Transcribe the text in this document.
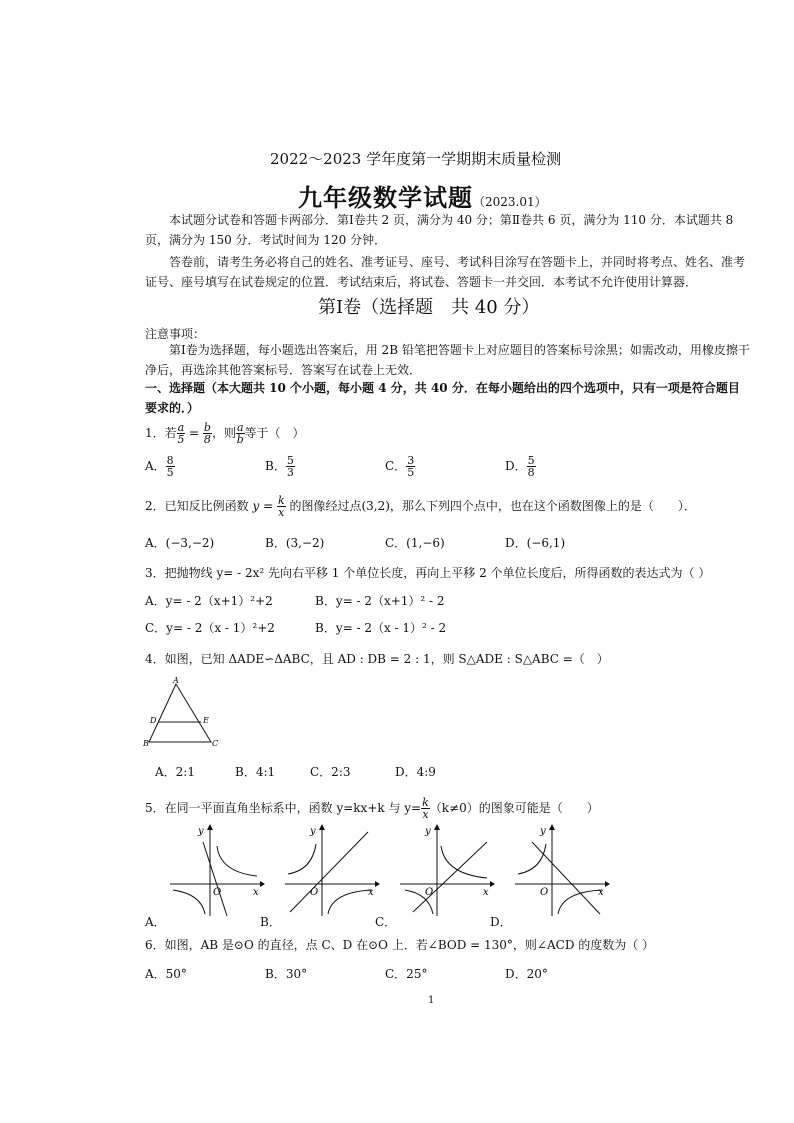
2022～2023 学年度第一学期期末质量检测
九年级数学试题（2023.01）
本试题分试卷和答题卡两部分．第Ⅰ卷共 2 页，满分为 40 分；第Ⅱ卷共 6 页，满分为 110 分．本试题共 8 页，满分为 150 分．考试时间为 120 分钟．
答卷前，请考生务必将自己的姓名、准考证号、座号、考试科目涂写在答题卡上，并同时将考点、姓名、准考证号、座号填写在试卷规定的位置．考试结束后，将试卷、答题卡一并交回．本考试不允许使用计算器．
第Ⅰ卷（选择题　共 40 分）
注意事项：
第Ⅰ卷为选择题，每小题选出答案后，用 2B 铅笔把答题卡上对应题目的答案标号涂黑；如需改动，用橡皮擦干净后，再选涂其他答案标号．答案写在试卷上无效．
一、选择题（本大题共 10 个小题，每小题 4 分，共 40 分．在每小题给出的四个选项中，只有一项是符合题目要求的．）
1．若 $\frac{a}{5} = \frac{b}{8}$ ，则 $\frac{a}{b}$ 等于（　）
A． $\frac{8}{5}$	B． $\frac{5}{3}$	C． $\frac{3}{5}$	D． $\frac{5}{8}$
2．已知反比例函数 $y = \frac{k}{x}$ 的图像经过点(3,2)，那么下列四个点中，也在这个函数图像上的是（　　）．
A．(−3,−2)	B．(3,−2)	C．(1,−6)	D．(−6,1)
3．把抛物线 y= - 2x² 先向右平移 1 个单位长度，再向上平移 2 个单位长度后，所得函数的表达式为（ ）
A．y= - 2（x+1）²+2	B．y= - 2（x+1）² - 2
C．y= - 2（x - 1）²+2	B．y= - 2（x - 1）² - 2
4．如图，已知 ΔADE∽ΔABC，且 AD : DB = 2 : 1，则 S△ADE : S△ABC =（　）
A
D	E
B	C
A．2:1	B．4:1	C．2:3	D．4:9
5．在同一平面直角坐标系中，函数 y=kx+k 与 $y= \frac{k}{x} (k\ne 0)$的图象可能是（　　）
y
x
O
y
x
O
y
x
O
y
x
O
A．	B．	C．	D．
6．如图，AB 是⊙O 的直径，点 C、D 在⊙O 上．若∠BOD = 130°，则∠ACD 的度数为（ ）
A．50°	B．30°	C．25°	D．20°
1
